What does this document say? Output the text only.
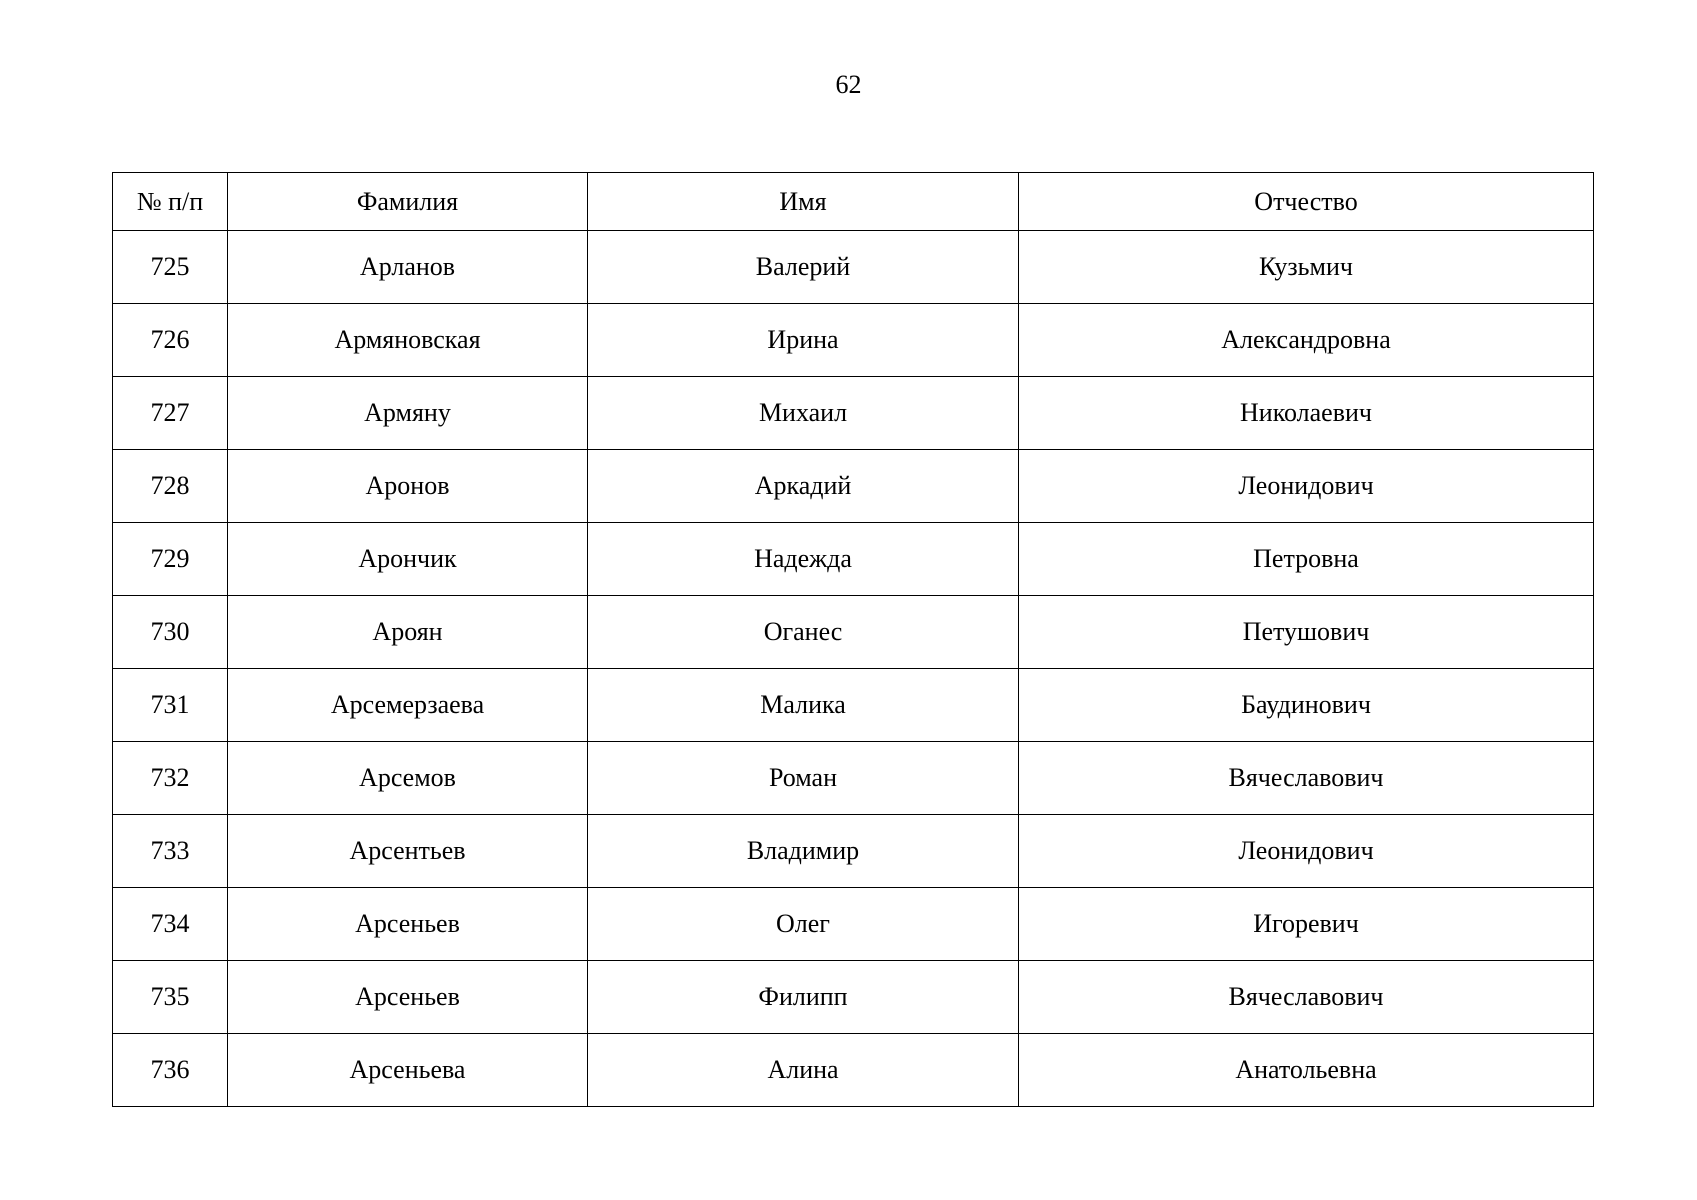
62
№ п/п	Фамилия	Имя	Отчество
725	Арланов	Валерий	Кузьмич
726	Армяновская	Ирина	Александровна
727	Армяну	Михаил	Николаевич
728	Аронов	Аркадий	Леонидович
729	Арончик	Надежда	Петровна
730	Ароян	Оганес	Петушович
731	Арсемерзаева	Малика	Баудинович
732	Арсемов	Роман	Вячеславович
733	Арсентьев	Владимир	Леонидович
734	Арсеньев	Олег	Игоревич
735	Арсеньев	Филипп	Вячеславович
736	Арсеньева	Алина	Анатольевна
